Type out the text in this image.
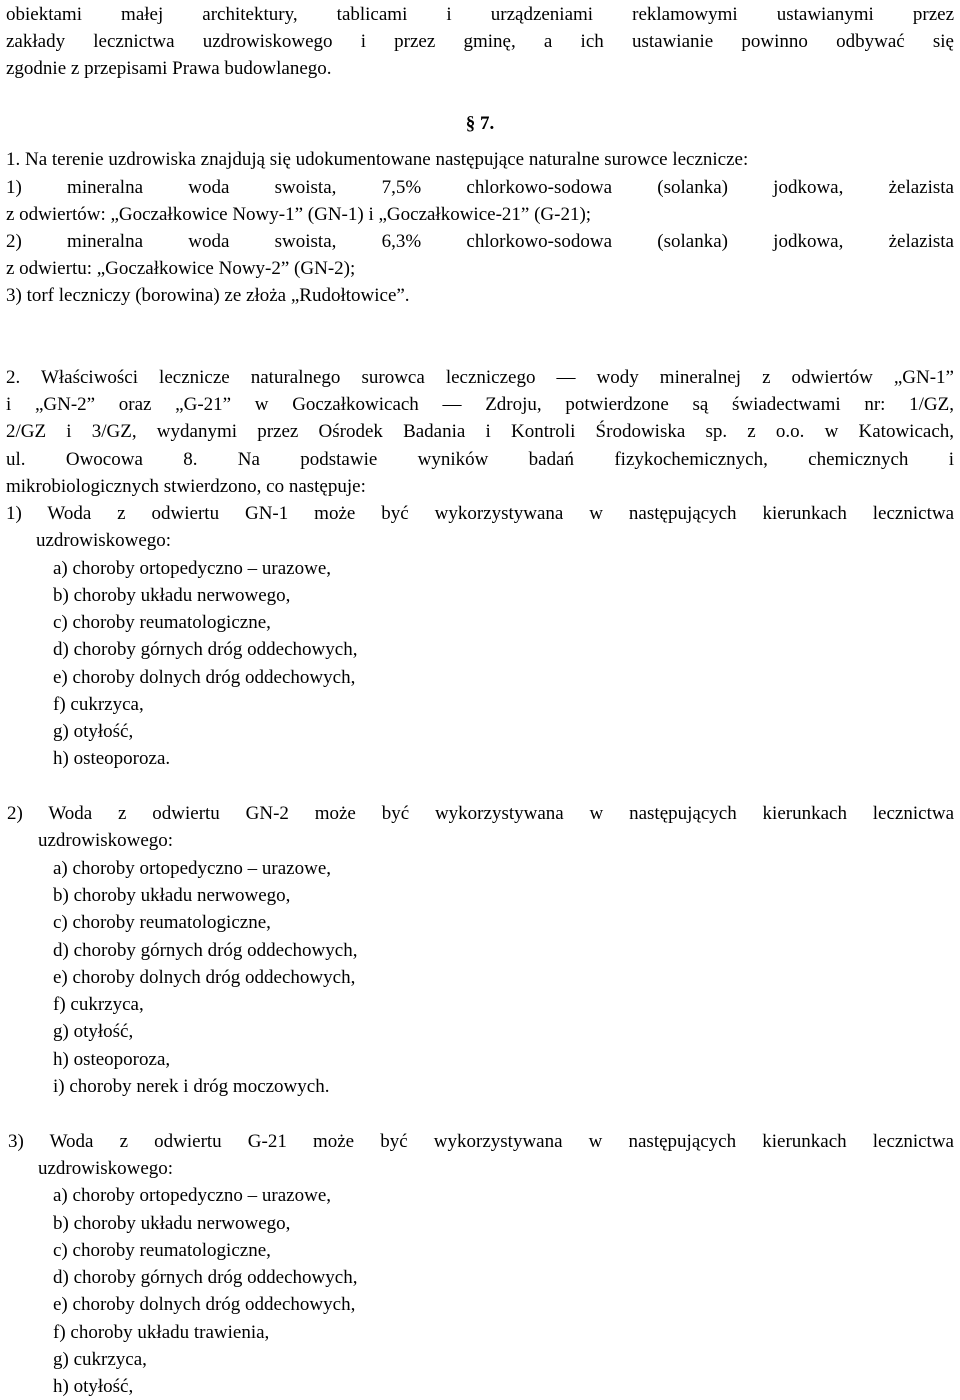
obiektami małej architektury, tablicami i urządzeniami reklamowymi ustawianymi przez
zakłady lecznictwa uzdrowiskowego i przez gminę, a ich ustawianie powinno odbywać się
zgodnie z przepisami Prawa budowlanego.
§ 7.
1. Na terenie uzdrowiska znajdują się udokumentowane następujące naturalne surowce lecznicze:
1) mineralna woda swoista, 7,5% chlorkowo-sodowa (solanka) jodkowa, żelazista
z odwiertów: „Goczałkowice Nowy-1” (GN-1) i „Goczałkowice-21” (G-21);
2) mineralna woda swoista, 6,3% chlorkowo-sodowa (solanka) jodkowa, żelazista
z odwiertu: „Goczałkowice Nowy-2” (GN-2);
3) torf leczniczy (borowina) ze złoża „Rudołtowice”.
2. Właściwości lecznicze naturalnego surowca leczniczego — wody mineralnej z odwiertów „GN-1”
i „GN-2” oraz „G-21” w Goczałkowicach — Zdroju, potwierdzone są świadectwami nr: 1/GZ,
2/GZ i 3/GZ, wydanymi przez Ośrodek Badania i Kontroli Środowiska sp. z o.o. w Katowicach,
ul. Owocowa 8. Na podstawie wyników badań fizykochemicznych, chemicznych i
mikrobiologicznych stwierdzono, co następuje:
1) Woda z odwiertu GN-1 może być wykorzystywana w następujących kierunkach lecznictwa
uzdrowiskowego:
a) choroby ortopedyczno – urazowe,
b) choroby układu nerwowego,
c) choroby reumatologiczne,
d) choroby górnych dróg oddechowych,
e) choroby dolnych dróg oddechowych,
f) cukrzyca,
g) otyłość,
h) osteoporoza.
2) Woda z odwiertu GN-2 może być wykorzystywana w następujących kierunkach lecznictwa
uzdrowiskowego:
a) choroby ortopedyczno – urazowe,
b) choroby układu nerwowego,
c) choroby reumatologiczne,
d) choroby górnych dróg oddechowych,
e) choroby dolnych dróg oddechowych,
f) cukrzyca,
g) otyłość,
h) osteoporoza,
i) choroby nerek i dróg moczowych.
3) Woda z odwiertu G-21 może być wykorzystywana w następujących kierunkach lecznictwa
uzdrowiskowego:
a) choroby ortopedyczno – urazowe,
b) choroby układu nerwowego,
c) choroby reumatologiczne,
d) choroby górnych dróg oddechowych,
e) choroby dolnych dróg oddechowych,
f) choroby układu trawienia,
g) cukrzyca,
h) otyłość,
